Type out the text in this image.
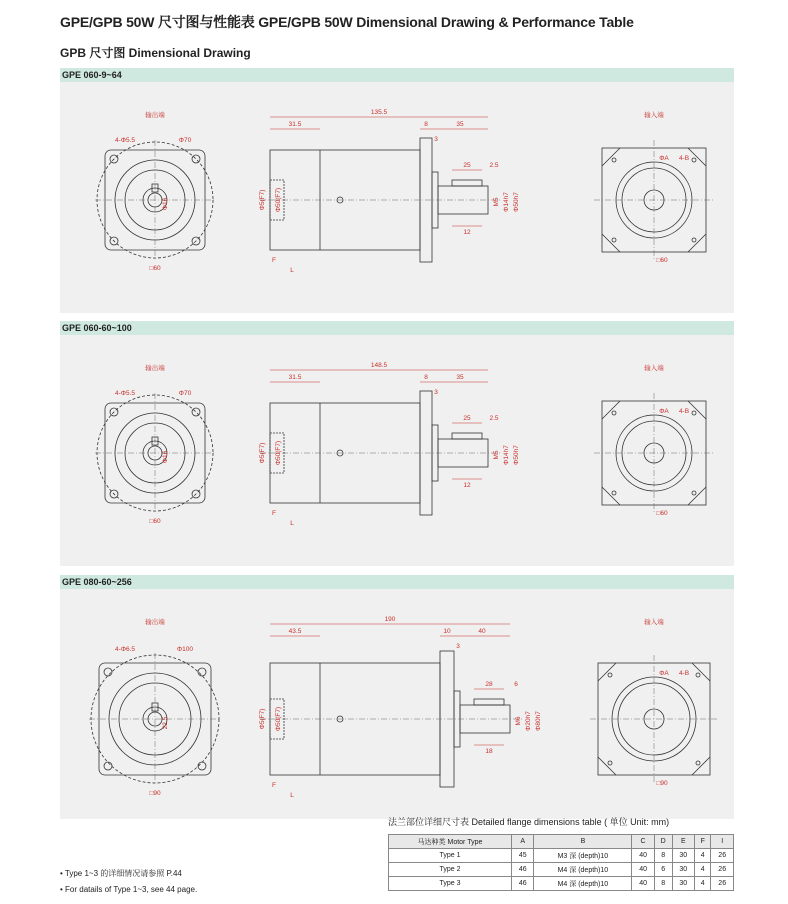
GPE/GPB 50W 尺寸图与性能表 GPE/GPB 50W Dimensional Drawing & Performance Table
GPB 尺寸图 Dimensional Drawing
GPE 060-9~64
输出端
4-Φ5.5	Φ70
□60
Φ16
135.5
31.5	8	35
3
25	2.5
12
Φ5(F7) Φ50(F7)	M5 Φ14h7 Φ50h7
F
L
输入端
ΦA 4-B
□60
GPE 060-60~100
输出端
4-Φ5.5	Φ70
□60
Φ16
148.5
31.5	8	35
3
25	2.5
12
Φ5(F7) Φ50(F7)	M5 Φ14h7 Φ50h7
F
L
输入端
ΦA 4-B
□60
GPE 080-60~256
输出端
4-Φ6.5	Φ100
□90
22.5
190
43.5	10	40
3
28	6
18
Φ5(F7) Φ50(F7)	M6 Φ20h7 Φ80h7
F
L
输入端
ΦA 4-B
□90
法兰部位详细尺寸表 Detailed flange dimensions table ( 单位 Unit: mm)
马达种类 Motor Type	A	B	C	D	E	F	I
Type 1	45	M3 深 (depth)10	40	8	30	4	26
Type 2	46	M4 深 (depth)10	40	6	30	4	26
Type 3	46	M4 深 (depth)10	40	8	30	4	26
• Type 1~3 的详细情况请参照 P.44
• For datails of Type 1~3, see 44 page.
